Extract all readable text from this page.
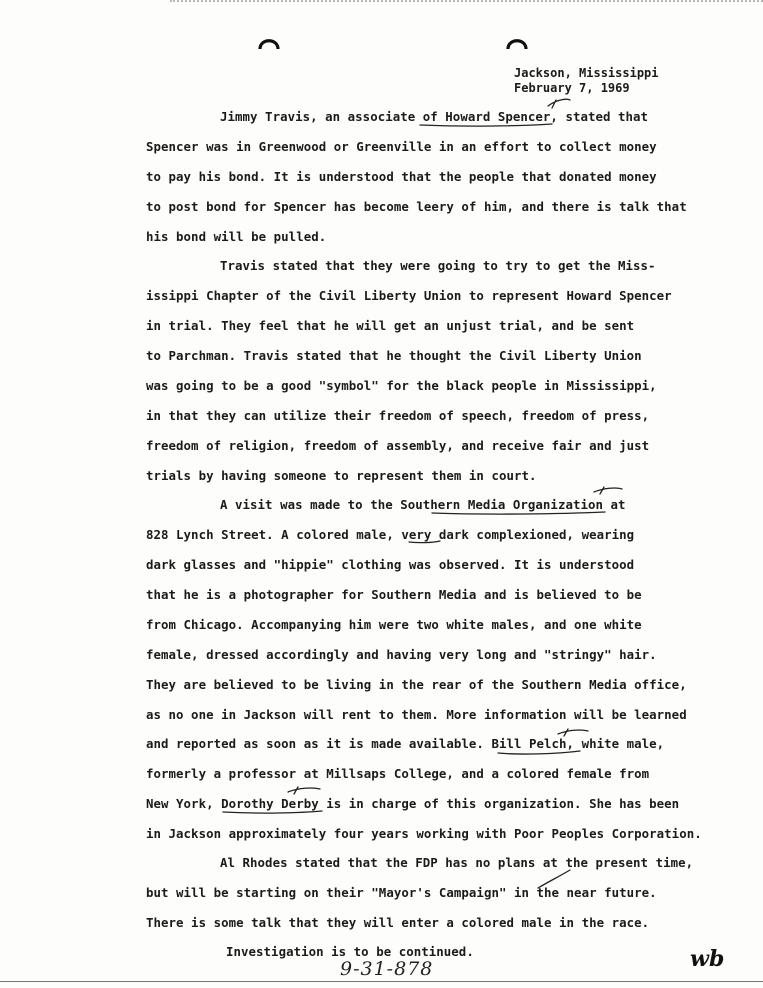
Jackson, Mississippi
February 7, 1969
Jimmy Travis, an associate of Howard Spencer, stated that
Spencer was in Greenwood or Greenville in an effort to collect money
to pay his bond. It is understood that the people that donated money
to post bond for Spencer has become leery of him, and there is talk that
his bond will be pulled.
Travis stated that they were going to try to get the Miss-
issippi Chapter of the Civil Liberty Union to represent Howard Spencer
in trial. They feel that he will get an unjust trial, and be sent
to Parchman. Travis stated that he thought the Civil Liberty Union
was going to be a good "symbol" for the black people in Mississippi,
in that they can utilize their freedom of speech, freedom of press,
freedom of religion, freedom of assembly, and receive fair and just
trials by having someone to represent them in court.
A visit was made to the Southern Media Organization at
828 Lynch Street. A colored male, very dark complexioned, wearing
dark glasses and "hippie" clothing was observed. It is understood
that he is a photographer for Southern Media and is believed to be
from Chicago. Accompanying him were two white males, and one white
female, dressed accordingly and having very long and "stringy" hair.
They are believed to be living in the rear of the Southern Media office,
as no one in Jackson will rent to them. More information will be learned
and reported as soon as it is made available. Bill Pelch, white male,
formerly a professor at Millsaps College, and a colored female from
New York, Dorothy Derby is in charge of this organization. She has been
in Jackson approximately four years working with Poor Peoples Corporation.
Al Rhodes stated that the FDP has no plans at the present time,
but will be starting on their "Mayor's Campaign" in the near future.
There is some talk that they will enter a colored male in the race.
Investigation is to be continued.
9-31-878	wb
